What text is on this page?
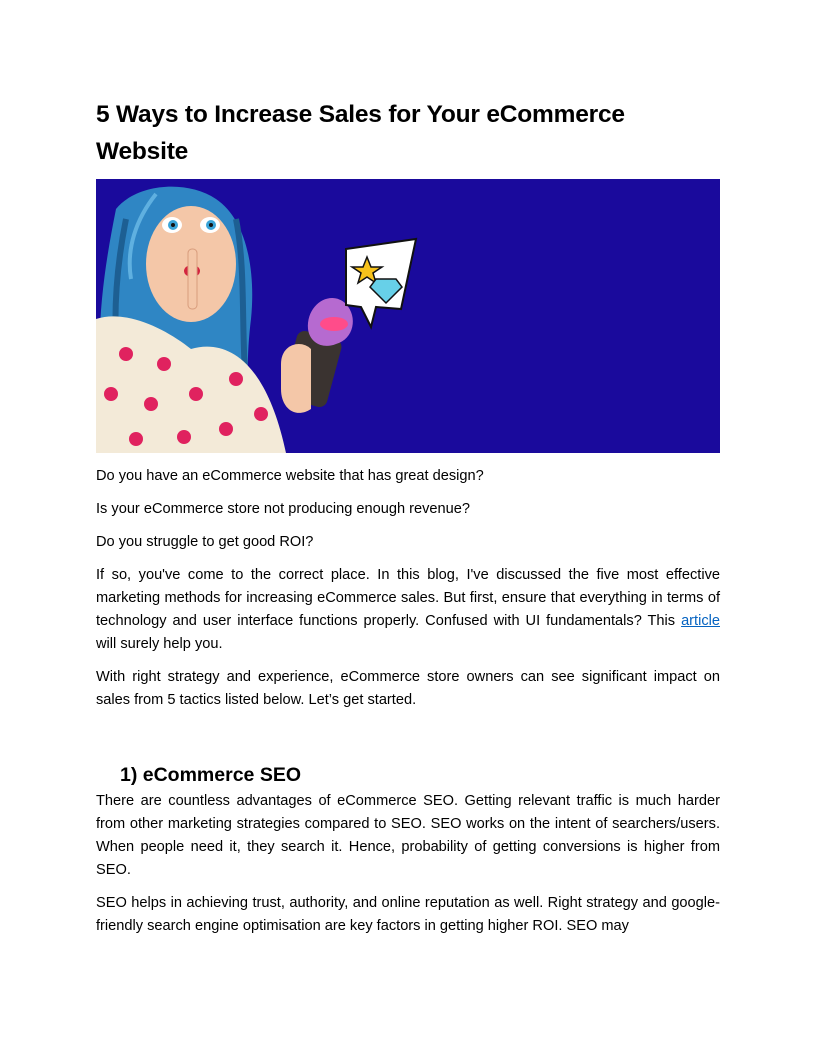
5 Ways to Increase Sales for Your eCommerce
Website

Do you have an eCommerce website that has great design?

Is your eCommerce store not producing enough revenue?

Do you struggle to get good ROI?

If so, you've come to the correct place. In this blog, I've discussed the five most effective marketing methods for increasing eCommerce sales. But first, ensure that everything in terms of technology and user interface functions properly. Confused with UI fundamentals? This article will surely help you.

With right strategy and experience, eCommerce store owners can see significant impact on sales from 5 tactics listed below. Let’s get started.

1) eCommerce SEO

There are countless advantages of eCommerce SEO. Getting relevant traffic is much harder from other marketing strategies compared to SEO. SEO works on the intent of searchers/users. When people need it, they search it. Hence, probability of getting conversions is higher from SEO.

SEO helps in achieving trust, authority, and online reputation as well. Right strategy and google-friendly search engine optimisation are key factors in getting higher ROI. SEO may
